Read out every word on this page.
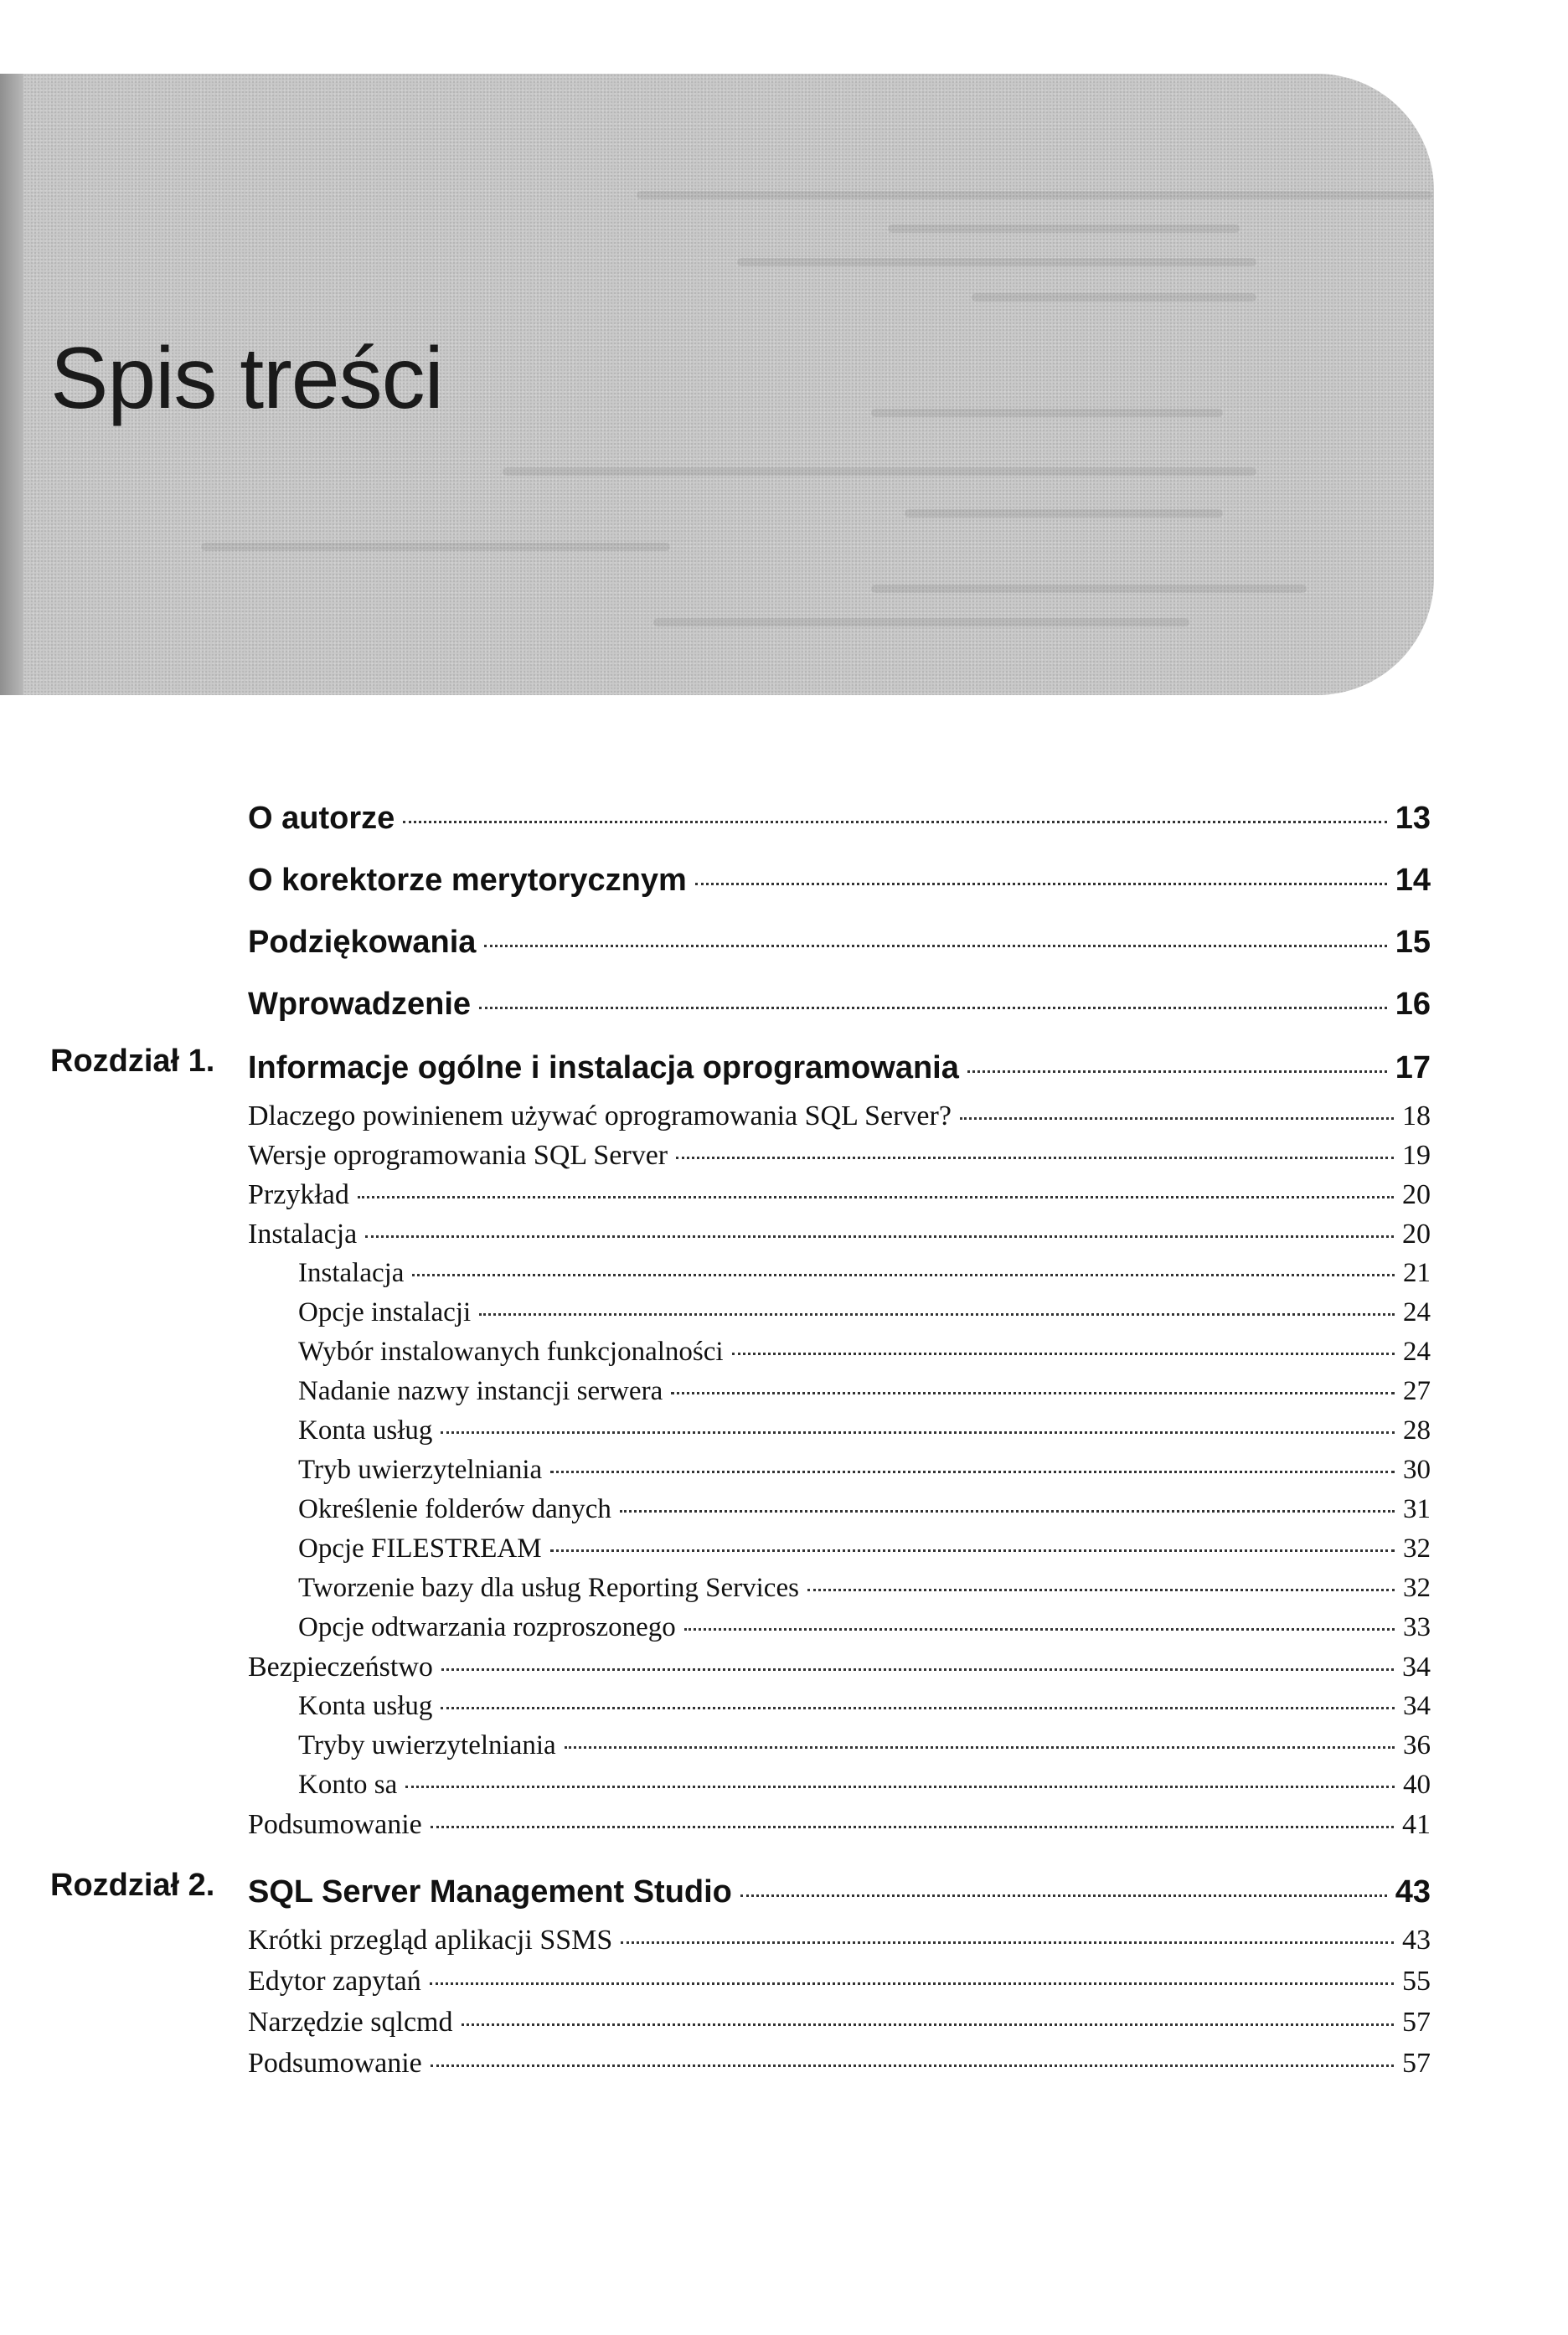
Spis treści
O autorze	13
O korektorze merytorycznym	14
Podziękowania	15
Wprowadzenie	16
Rozdział 1. Informacje ogólne i instalacja oprogramowania	17
Dlaczego powinienem używać oprogramowania SQL Server?	18
Wersje oprogramowania SQL Server	19
Przykład	20
Instalacja	20
Instalacja	21
Opcje instalacji	24
Wybór instalowanych funkcjonalności	24
Nadanie nazwy instancji serwera	27
Konta usług	28
Tryb uwierzytelniania	30
Określenie folderów danych	31
Opcje FILESTREAM	32
Tworzenie bazy dla usług Reporting Services	32
Opcje odtwarzania rozproszonego	33
Bezpieczeństwo	34
Konta usług	34
Tryby uwierzytelniania	36
Konto sa	40
Podsumowanie	41
Rozdział 2. SQL Server Management Studio	43
Krótki przegląd aplikacji SSMS	43
Edytor zapytań	55
Narzędzie sqlcmd	57
Podsumowanie	57
